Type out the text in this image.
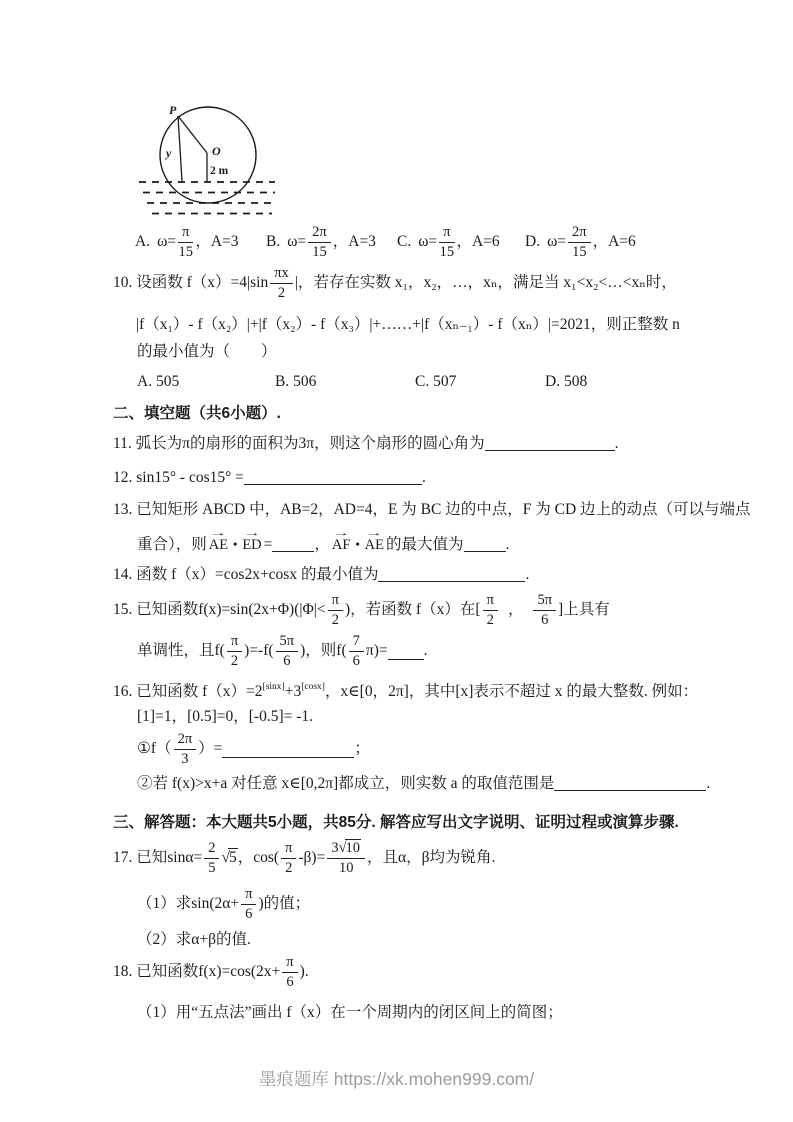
P
y	O
2 m
A. $\omega= \frac{\pi}{15}$ ，A=3 B. $\omega= \frac{2\pi}{15}$ ，A=3 C. $\omega= \frac{\pi}{15}$ ，A=6 D. $\omega= \frac{2\pi}{15}$ ，A=6
10. 设函数 f（x）=4| $\sin \frac{\pi x}{2}$ |，若存在实数 x₁，x₂，…，xₙ，满足当 x₁<x₂<…<xₙ时，
|f（x₁）- f（x₂）|+|f（x₂）- f（x₃）|+……+|f（xₙ₋₁）- f（xₙ）|=2021，则正整数 n
的最小值为（　　）
A. 505	B. 506	C. 507	D. 508
二、填空题（共6小题）.
11. 弧长为π的扇形的面积为3π，则这个扇形的圆心角为	.
12. sin15° - cos15° =	.
13. 已知矩形 ABCD 中，AB=2，AD=4，E 为 BC 边的中点，F 为 CD 边上的动点（可以与端点
重合），则
→
AE •
→
ED =	，
→
AF •
→
AE 的最大值为	.
14. 函数 f（x）=cos2x+cosx 的最小值为	.
15. 已知函数$f(x)=\sin(2x+\Phi)(|\Phi|< \frac{\pi}{2}$ )，若函数 f（x）在[ $\frac{\pi}{2}$ ， $\frac{5\pi}{6}$ ]上具有
单调性，且$f( \frac{\pi}{2} )=-f( \frac{5\pi}{6}$ )，则$f( \frac{7}{6} \pi)=$ .
16. 已知函数 f（x）=2[sinx]+3[cosx]，x∈[0，2π]，其中[x]表示不超过 x 的最大整数. 例如：
[1]=1，[0.5]=0，[-0.5]= -1.
①f（ $\frac{2\pi}{3}$ ）=	；
②若 f(x)>x+a 对任意 x∈[0,2π]都成立，则实数 a 的取值范围是	.
三、解答题：本大题共5小题，共85分. 解答应写出文字说明、证明过程或演算步骤.
17. 已知$\sin\alpha= \frac{2}{5} √5$ ，$\cos( \frac{\pi}{2} -\beta)= \frac{3√10}{10}$ ，且α，β均为锐角.
（1）求$\sin(2\alpha+ \frac{\pi}{6}$ )的值；
（2）求α+β的值.
18. 已知函数$f(x)=\cos(2x+ \frac{\pi}{6}$ ).
（1）用“五点法”画出 f（x）在一个周期内的闭区间上的简图；
墨痕题库 https://xk.mohen999.com/
